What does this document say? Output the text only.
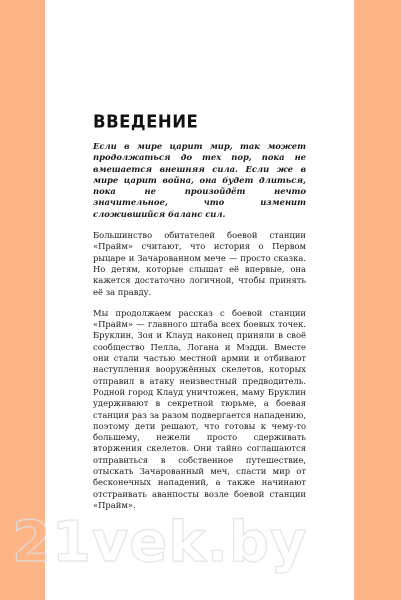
ВВЕДЕНИЕ

Если в мире царит мир, так может продолжаться до тех пор, пока не вмешается внешняя сила. Если же в мире царит война, она будет длиться, пока не произойдёт нечто значительное, что изменит сложившийся баланс сил.

Большинство обитателей боевой станции «Прайм» считают, что история о Первом рыцаре и Зачарованном мече — просто сказка. Но детям, которые слышат её впервые, она кажется достаточно логичной, чтобы принять её за правду.

Мы продолжаем рассказ с боевой станции «Прайм» — главного штаба всех боевых точек. Бруклин, Зоя и Клауд наконец приняли в своё сообщество Пелла, Логана и Мэдди. Вместе они стали частью местной армии и отбивают наступления вооружённых скелетов, которых отправил в атаку неизвестный предводитель. Родной город Клауд уничтожен, маму Бруклин удерживают в секретной тюрьме, а боевая станция раз за разом подвергается нападению, поэтому дети решают, что готовы к чему-то большему, нежели просто сдерживать вторжения скелетов. Они тайно соглашаются отправиться в собственное путешествие, отыскать Зачарованный меч, спасти мир от бесконечных нападений, а также начинают отстраивать аванпосты возле боевой станции «Прайм».
